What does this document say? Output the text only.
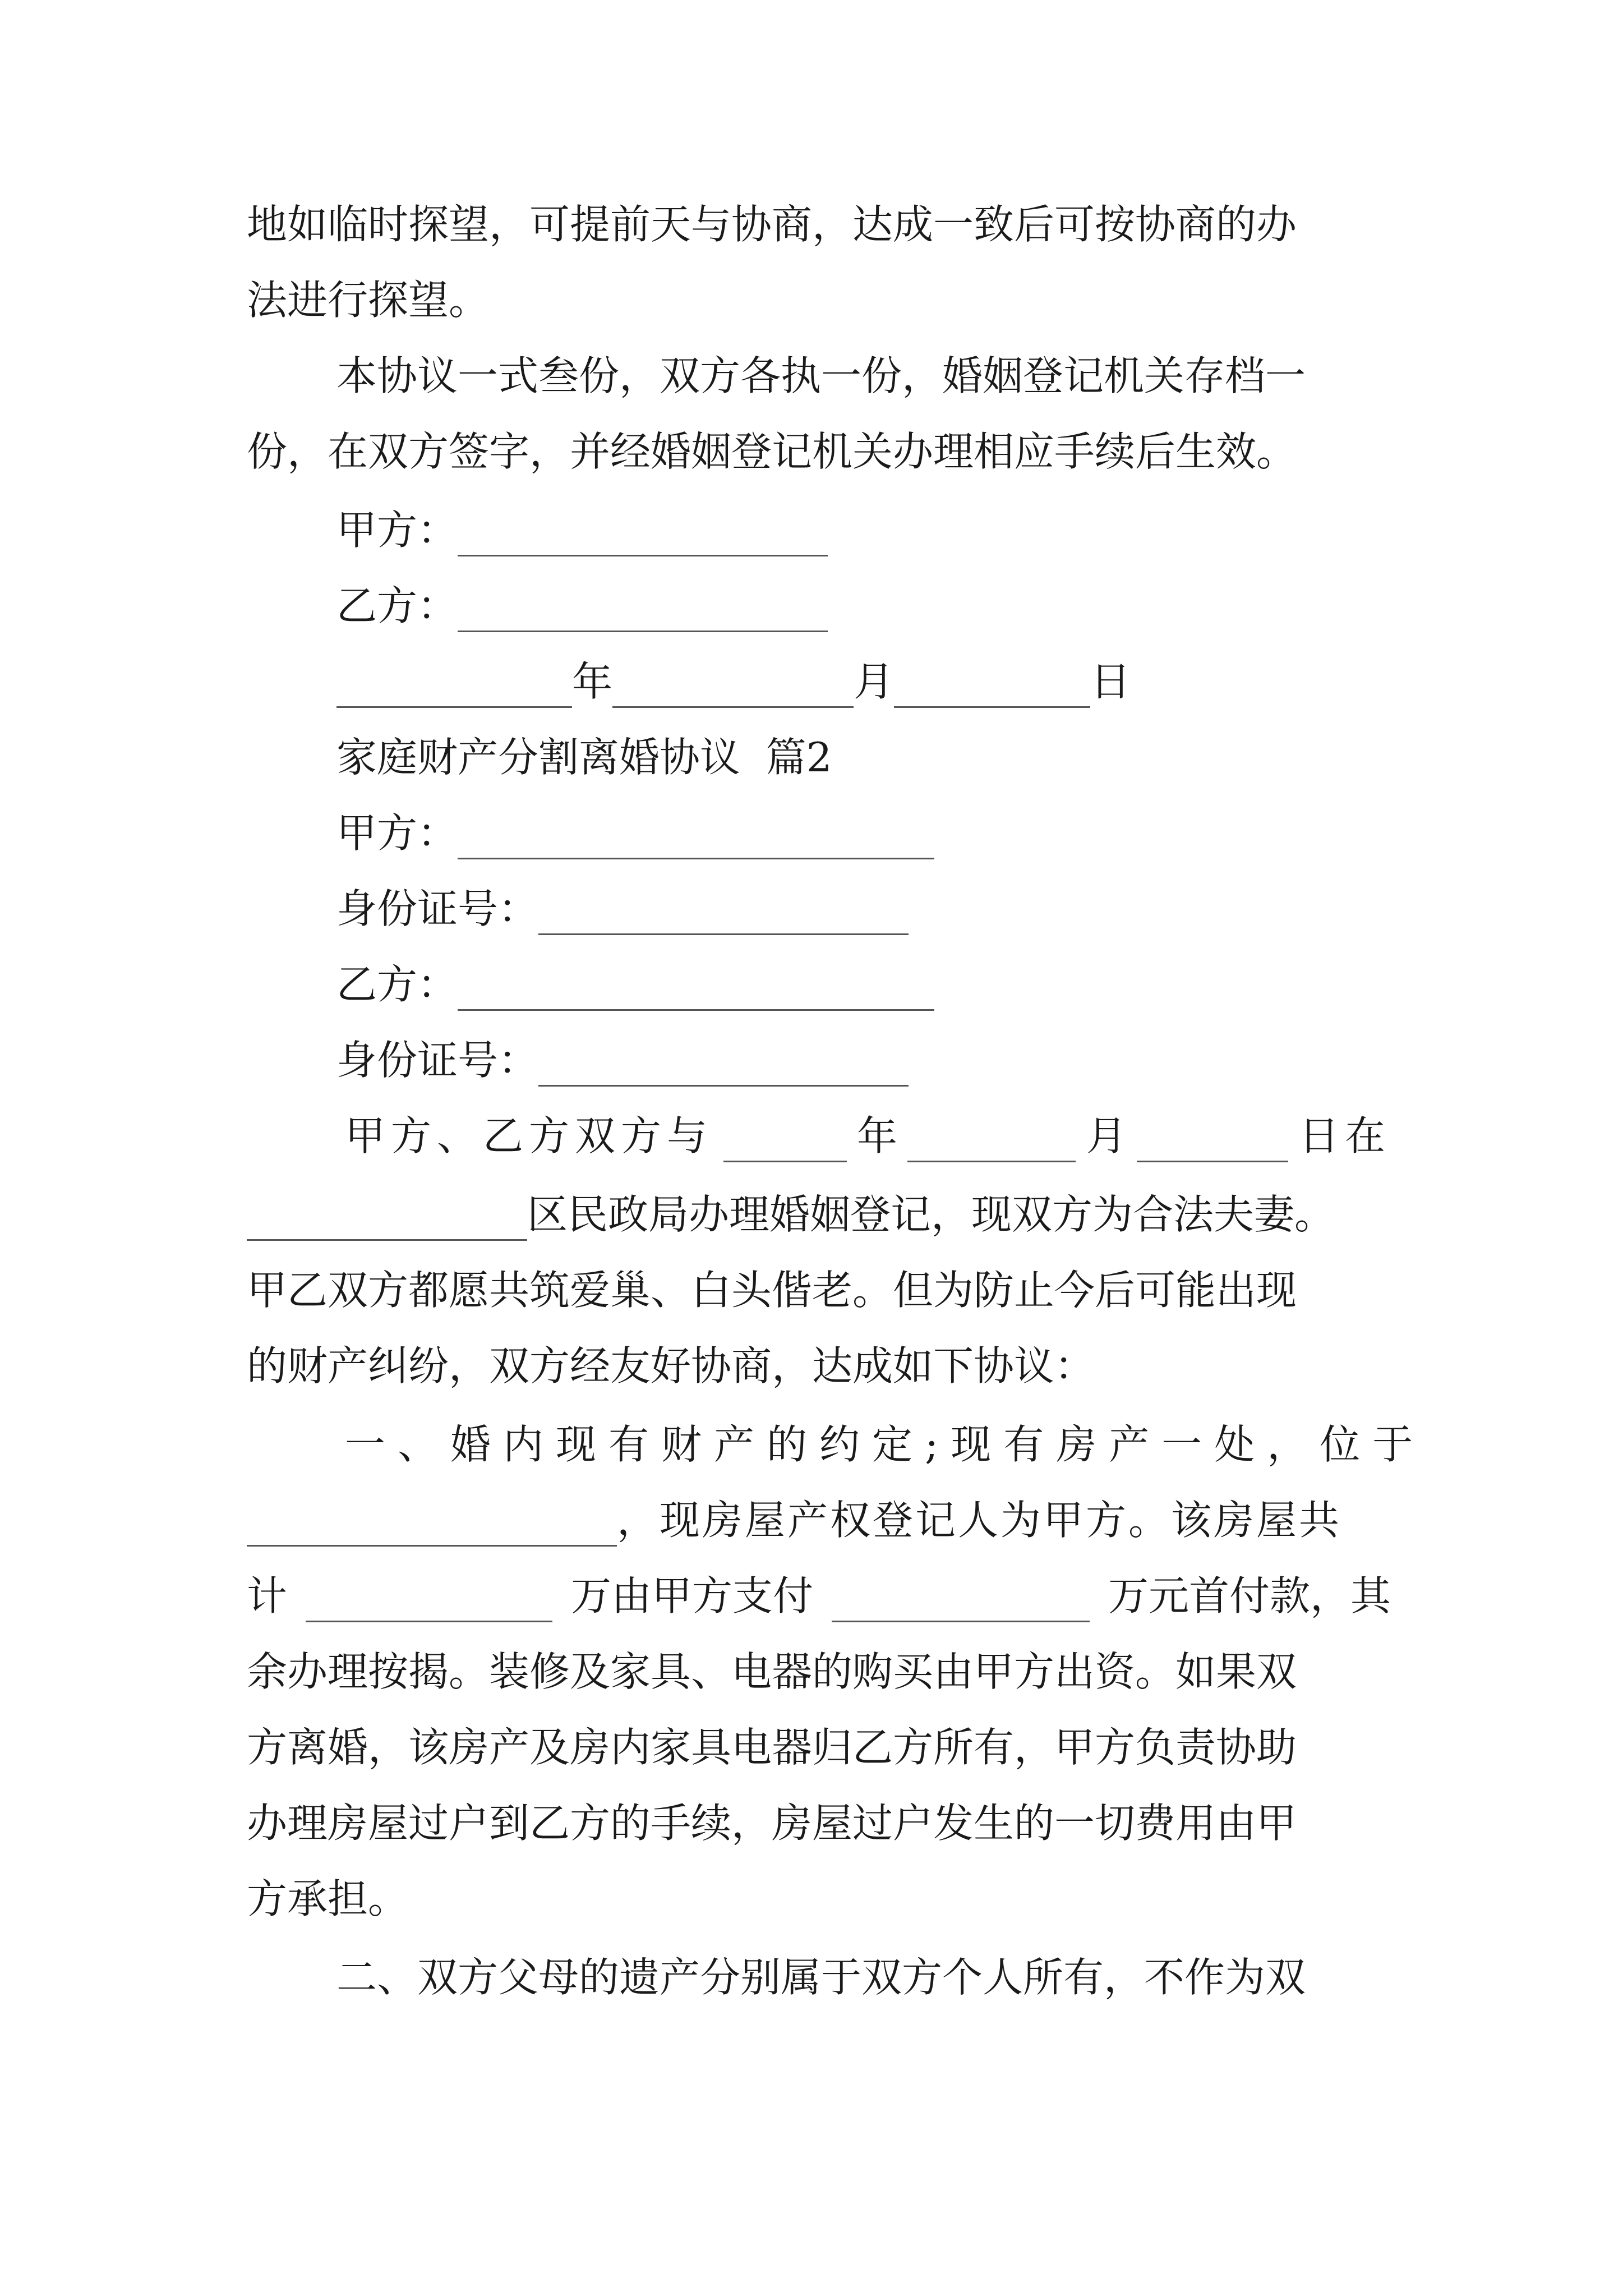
地如临时探望，可提前天与协商，达成一致后可按协商的办
法进行探望。
本协议一式叁份，双方各执一份，婚姻登记机关存档一
份，在双方签字，并经婚姻登记机关办理相应手续后生效。
甲方：
乙方：
年	月	日
家庭财产分割离婚协议  篇2
甲方：
身份证号：
乙方：
身份证号：
甲方、乙方双方与	年	月	日在
区民政局办理婚姻登记，现双方为合法夫妻。
甲乙双方都愿共筑爱巢、白头偕老。但为防止今后可能出现
的财产纠纷，双方经友好协商，达成如下协议：
一、婚内现有财产的约定;现有房产一处，位于
，现房屋产权登记人为甲方。该房屋共
计	万由甲方支付	万元首付款，其
余办理按揭。装修及家具、电器的购买由甲方出资。如果双
方离婚，该房产及房内家具电器归乙方所有，甲方负责协助
办理房屋过户到乙方的手续，房屋过户发生的一切费用由甲
方承担。
二、双方父母的遗产分别属于双方个人所有，不作为双
